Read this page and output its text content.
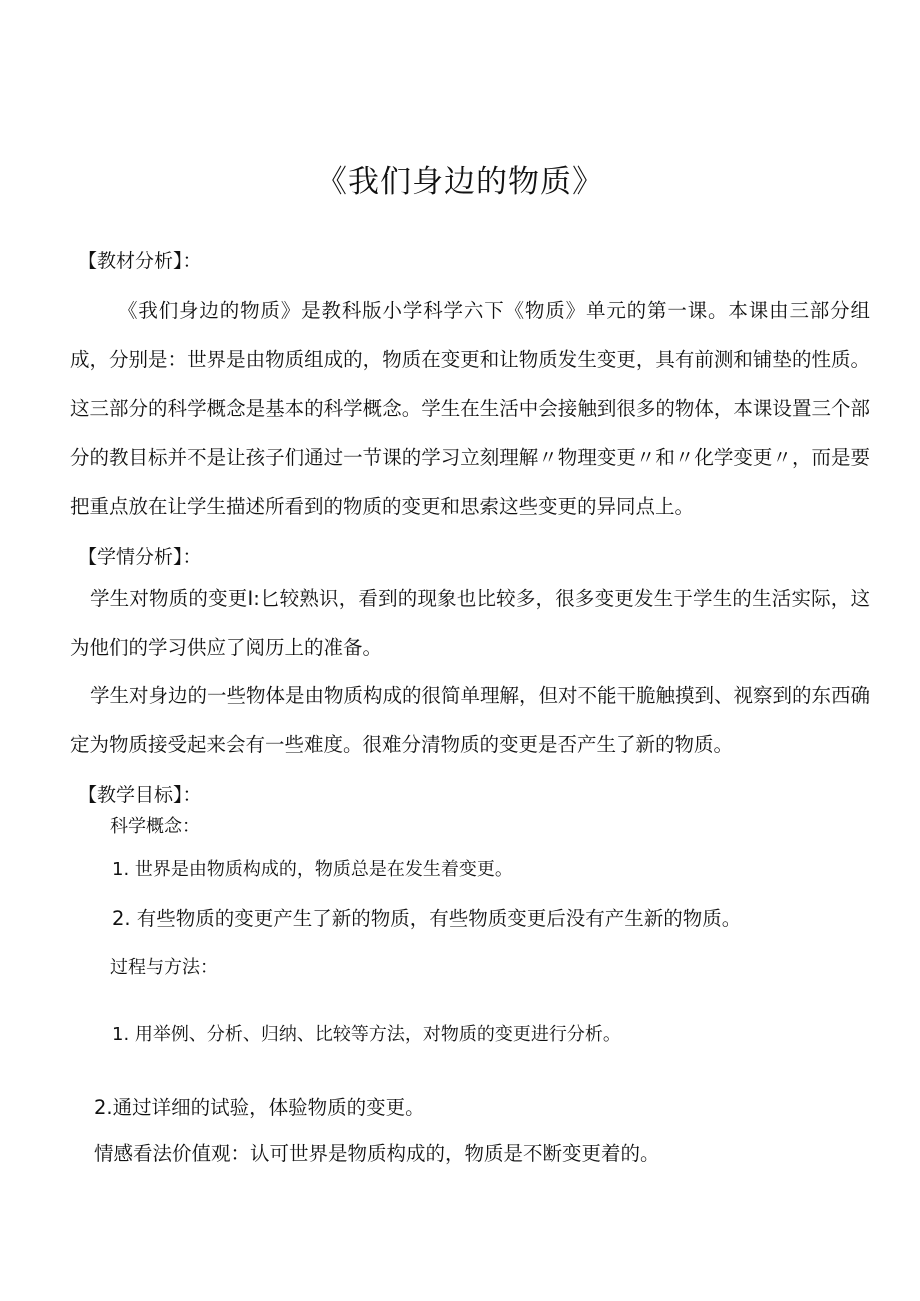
《我们身边的物质》
【教材分析】：

《我们身边的物质》是教科版小学科学六下《物质》单元的第一课。本课由三部分组成，分别是：世界是由物质组成的，物质在变更和让物质发生变更，具有前测和铺垫的性质。这三部分的科学概念是基本的科学概念。学生在生活中会接触到很多的物体，本课设置三个部分的教目标并不是让孩子们通过一节课的学习立刻理解〃物理变更〃和〃化学变更〃，而是要把重点放在让学生描述所看到的物质的变更和思索这些变更的异同点上。

【学情分析】：

学生对物质的变更I:匕较熟识，看到的现象也比较多，很多变更发生于学生的生活实际，这为他们的学习供应了阅历上的准备。

学生对身边的一些物体是由物质构成的很简单理解，但对不能干脆触摸到、视察到的东西确定为物质接受起来会有一些难度。很难分清物质的变更是否产生了新的物质。

【教学目标】：

科学概念：

1. 世界是由物质构成的，物质总是在发生着变更。

2. 有些物质的变更产生了新的物质，有些物质变更后没有产生新的物质。

过程与方法：

1. 用举例、分析、归纳、比较等方法，对物质的变更进行分析。

2.通过详细的试验，体验物质的变更。

情感看法价值观：认可世界是物质构成的，物质是不断变更着的。
